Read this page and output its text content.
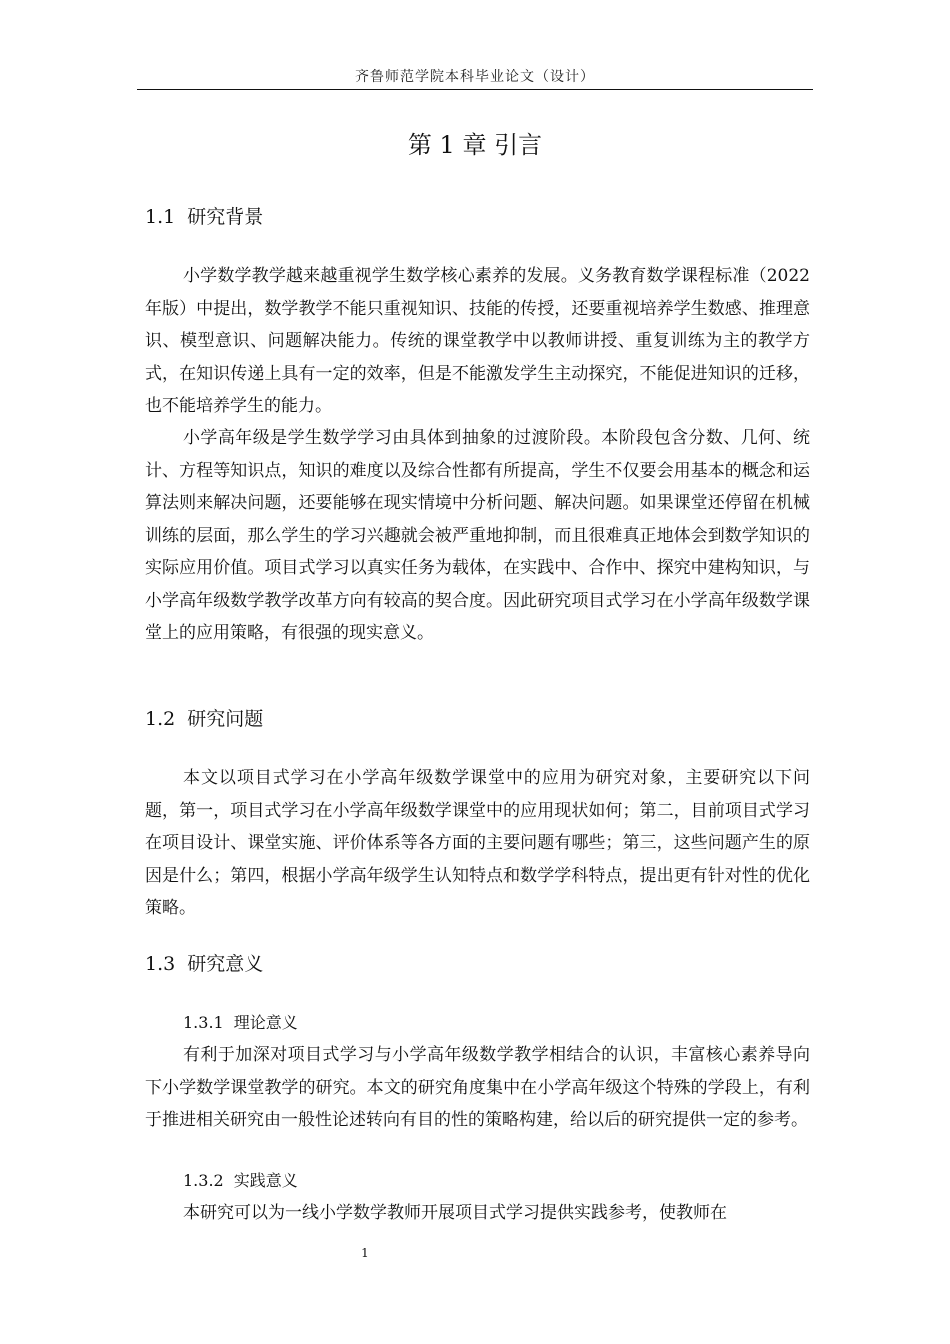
齐鲁师范学院本科毕业论文（设计）
第 1 章 引言
1.1 研究背景

小学数学教学越来越重视学生数学核心素养的发展。义务教育数学课程标准（2022 年版）中提出，数学教学不能只重视知识、技能的传授，还要重视培养学生数感、推理意识、模型意识、问题解决能力。传统的课堂教学中以教师讲授、重复训练为主的教学方式，在知识传递上具有一定的效率，但是不能激发学生主动探究，不能促进知识的迁移，也不能培养学生的能力。

小学高年级是学生数学学习由具体到抽象的过渡阶段。本阶段包含分数、几何、统计、方程等知识点，知识的难度以及综合性都有所提高，学生不仅要会用基本的概念和运算法则来解决问题，还要能够在现实情境中分析问题、解决问题。如果课堂还停留在机械训练的层面，那么学生的学习兴趣就会被严重地抑制，而且很难真正地体会到数学知识的实际应用价值。项目式学习以真实任务为载体，在实践中、合作中、探究中建构知识，与小学高年级数学教学改革方向有较高的契合度。因此研究项目式学习在小学高年级数学课堂上的应用策略，有很强的现实意义。

1.2 研究问题

本文以项目式学习在小学高年级数学课堂中的应用为研究对象，主要研究以下问题，第一，项目式学习在小学高年级数学课堂中的应用现状如何；第二，目前项目式学习在项目设计、课堂实施、评价体系等各方面的主要问题有哪些；第三，这些问题产生的原因是什么；第四，根据小学高年级学生认知特点和数学学科特点，提出更有针对性的优化策略。

1.3 研究意义
1.3.1 理论意义

有利于加深对项目式学习与小学高年级数学教学相结合的认识，丰富核心素养导向下小学数学课堂教学的研究。本文的研究角度集中在小学高年级这个特殊的学段上，有利于推进相关研究由一般性论述转向有目的性的策略构建，给以后的研究提供一定的参考。

1.3.2 实践意义

本研究可以为一线小学数学教师开展项目式学习提供实践参考，使教师在

1
